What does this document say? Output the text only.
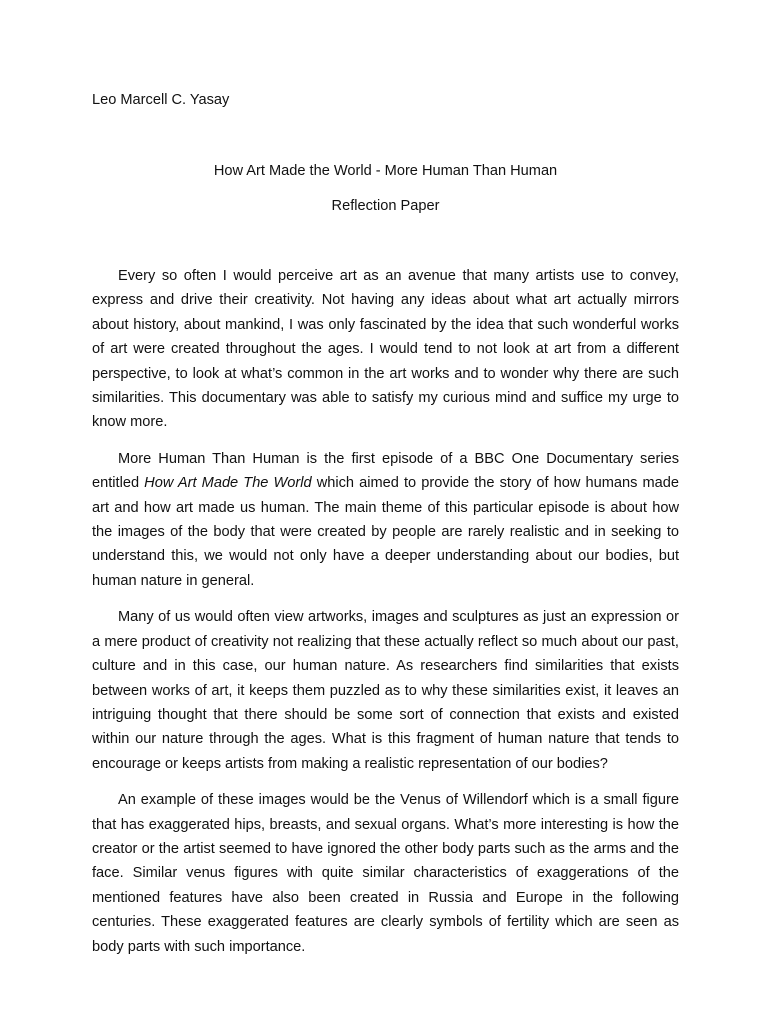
Leo Marcell C. Yasay

How Art Made the World - More Human Than Human
Reflection Paper

Every so often I would perceive art as an avenue that many artists use to convey, express and drive their creativity. Not having any ideas about what art actually mirrors about history, about mankind, I was only fascinated by the idea that such wonderful works of art were created throughout the ages. I would tend to not look at art from a different perspective, to look at what’s common in the art works and to wonder why there are such similarities. This documentary was able to satisfy my curious mind and suffice my urge to know more.

More Human Than Human is the first episode of a BBC One Documentary series entitled How Art Made The World which aimed to provide the story of how humans made art and how art made us human. The main theme of this particular episode is about how the images of the body that were created by people are rarely realistic and in seeking to understand this, we would not only have a deeper understanding about our bodies, but human nature in general.

Many of us would often view artworks, images and sculptures as just an expression or a mere product of creativity not realizing that these actually reflect so much about our past, culture and in this case, our human nature. As researchers find similarities that exists between works of art, it keeps them puzzled as to why these similarities exist, it leaves an intriguing thought that there should be some sort of connection that exists and existed within our nature through the ages. What is this fragment of human nature that tends to encourage or keeps artists from making a realistic representation of our bodies?

An example of these images would be the Venus of Willendorf which is a small figure that has exaggerated hips, breasts, and sexual organs. What’s more interesting is how the creator or the artist seemed to have ignored the other body parts such as the arms and the face. Similar venus figures with quite similar characteristics of exaggerations of the mentioned features have also been created in Russia and Europe in the following centuries. These exaggerated features are clearly symbols of fertility which are seen as body parts with such importance.
